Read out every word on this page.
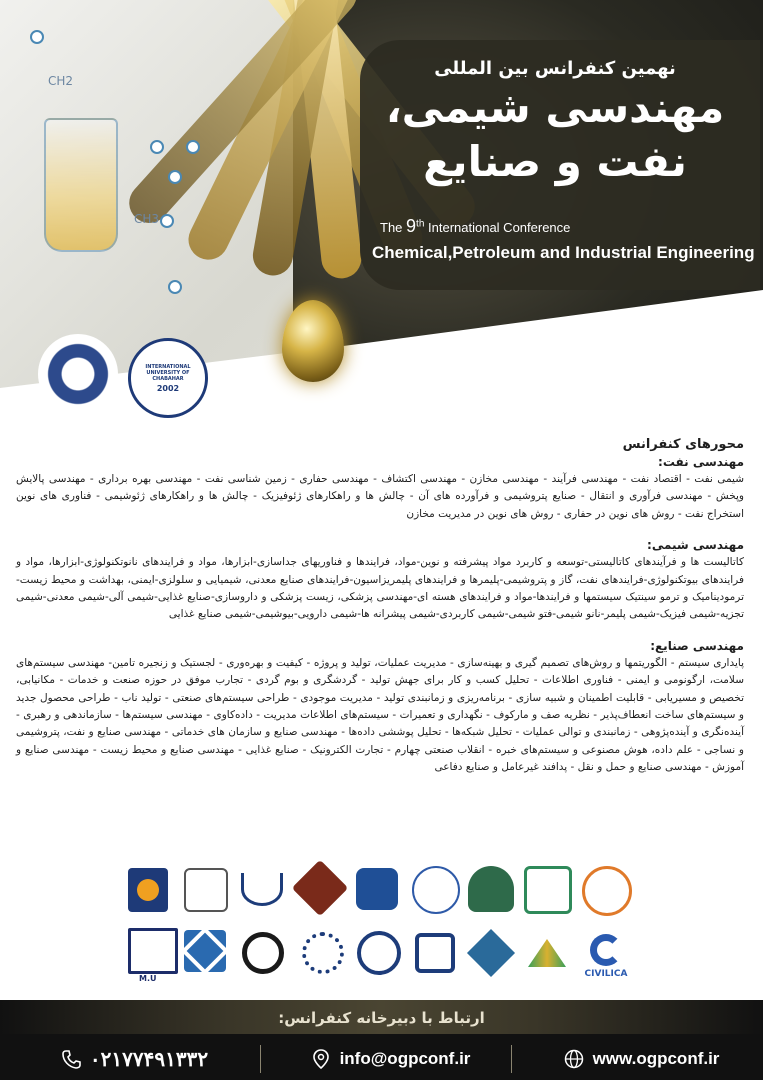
CH3
CH2
نهمین کنفرانس بین المللی
مهندسی شیمی،
نفت و صنایع
The 9th International Conference
Chemical,Petroleum and Industrial Engineering
INTERNATIONAL UNIVERSITY OF CHABAHAR
2002
محورهای کنفرانس

مهندسی نفت:

شیمی نفت - اقتصاد نفت - مهندسی فرآیند - مهندسی مخازن - مهندسی اکتشاف - مهندسی حفاری - زمین شناسی نفت - مهندسی بهره برداری - مهندسی پالایش وپخش - مهندسی فرآوری و انتقال - صنایع پتروشیمی و فرآورده های آن - چالش ها و راهکارهای ژئوفیزیک - چالش ها و راهکارهای ژئوشیمی - فناوری های نوین استخراج نفت - روش های نوین در حفاری - روش های نوین در مدیریت مخازن

مهندسی شیمی:

کاتالیست ها و فرآیندهای کاتالیستی-توسعه و کاربرد مواد پیشرفته و نوین-مواد، فرایندها و فناوریهای جداسازی-ابزارها، مواد و فرایندهای نانوتکنولوژی-ابزارها، مواد و فرایندهای بیوتکنولوژی-فرایندهای نفت، گاز و پتروشیمی-پلیمرها و فرایندهای پلیمریزاسیون-فرایندهای صنایع معدنی، شیمیایی و سلولزی-ایمنی، بهداشت و محیط زیست-ترمودینامیک و ترمو سینتیک سیستمها و فرایندها-مواد و فرایندهای هسته ای-مهندسی پزشکی، زیست پزشکی و داروسازی-صنایع غذایی-شیمی آلی-شیمی معدنی-شیمی تجزیه-شیمی فیزیک-شیمی پلیمر-نانو شیمی-فتو شیمی-شیمی کاربردی-شیمی پیشرانه ها-شیمی دارویی-بیوشیمی-شیمی صنایع غذایی

مهندسی صنایع:

پایداری سیستم - الگوریتمها و روش‌های تصمیم گیری و بهینه‌سازی - مدیریت عملیات، تولید و پروژه - کیفیت و بهره‌وری - لجستیک و زنجیره تامین- مهندسی سیستم‌های سلامت، ارگونومی و ایمنی - فناوری اطلاعات - تحلیل کسب و کار برای جهش تولید - گردشگری و بوم گردی - تجارب موفق در حوزه صنعت و خدمات - مکانیابی، تخصیص و مسیریابی - قابلیت اطمینان و شبیه سازی - برنامه‌ریزی و زمانبندی تولید - مدیریت موجودی - طراحی سیستم‌های صنعتی - تولید ناب - طراحی محصول جدید و سیستم‌های ساخت انعطاف‌پذیر - نظریه صف و مارکوف - نگهداری و تعمیرات - سیستم‌های اطلاعات مدیریت - داده‌کاوی - مهندسی سیستم‌ها - سازماندهی و رهبری - آینده‌نگری و آینده‌پژوهی - زمانبندی و توالی عملیات - تحلیل شبکه‌ها - تحلیل پوششی داده‌ها - مهندسی صنایع و سازمان های خدماتی - مهندسی صنایع و نفت، پتروشیمی و نساجی - علم داده، هوش مصنوعی و سیستم‌های خبره - انقلاب صنعتی چهارم - تجارت الکترونیک - صنایع غذایی - مهندسی صنایع و محیط زیست - مهندسی صنایع و آموزش - مهندسی صنایع و حمل و نقل - پدافند غیرعامل و صنایع دفاعی

CIVILICA
M.U
ارتباط با دبیرخانه کنفرانس:
۰۲۱۷۷۴۹۱۳۳۲	info@ogpconf.ir	www.ogpconf.ir
